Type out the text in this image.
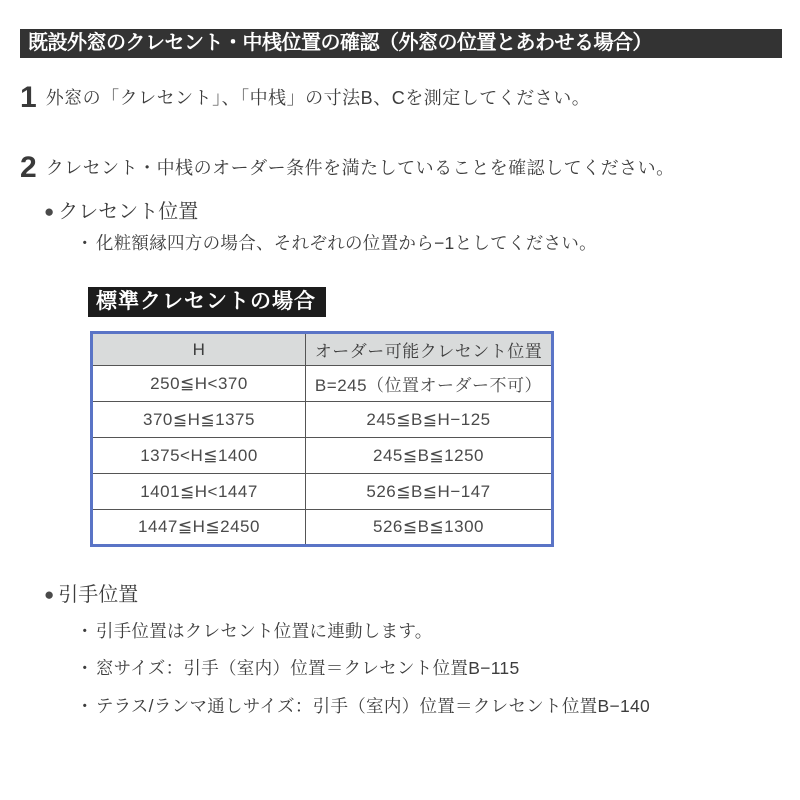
既設外窓のクレセント・中桟位置の確認（外窓の位置とあわせる場合）
1 外窓の「クレセント」、「中桟」の寸法B、Cを測定してください。
2 クレセント・中桟のオーダー条件を満たしていることを確認してください。
● クレセント位置
・ 化粧額縁四方の場合、それぞれの位置から−1としてください。
標準クレセントの場合
H	オーダー可能クレセント位置
250≦H<370	B=245（位置オーダー不可）
370≦H≦1375	245≦B≦H−125
1375<H≦1400	245≦B≦1250
1401≦H<1447	526≦B≦H−147
1447≦H≦2450	526≦B≦1300
● 引手位置
・ 引手位置はクレセント位置に連動します。
・ 窓サイズ：引手（室内）位置＝クレセント位置B−115
・ テラス/ランマ通しサイズ：引手（室内）位置＝クレセント位置B−140
